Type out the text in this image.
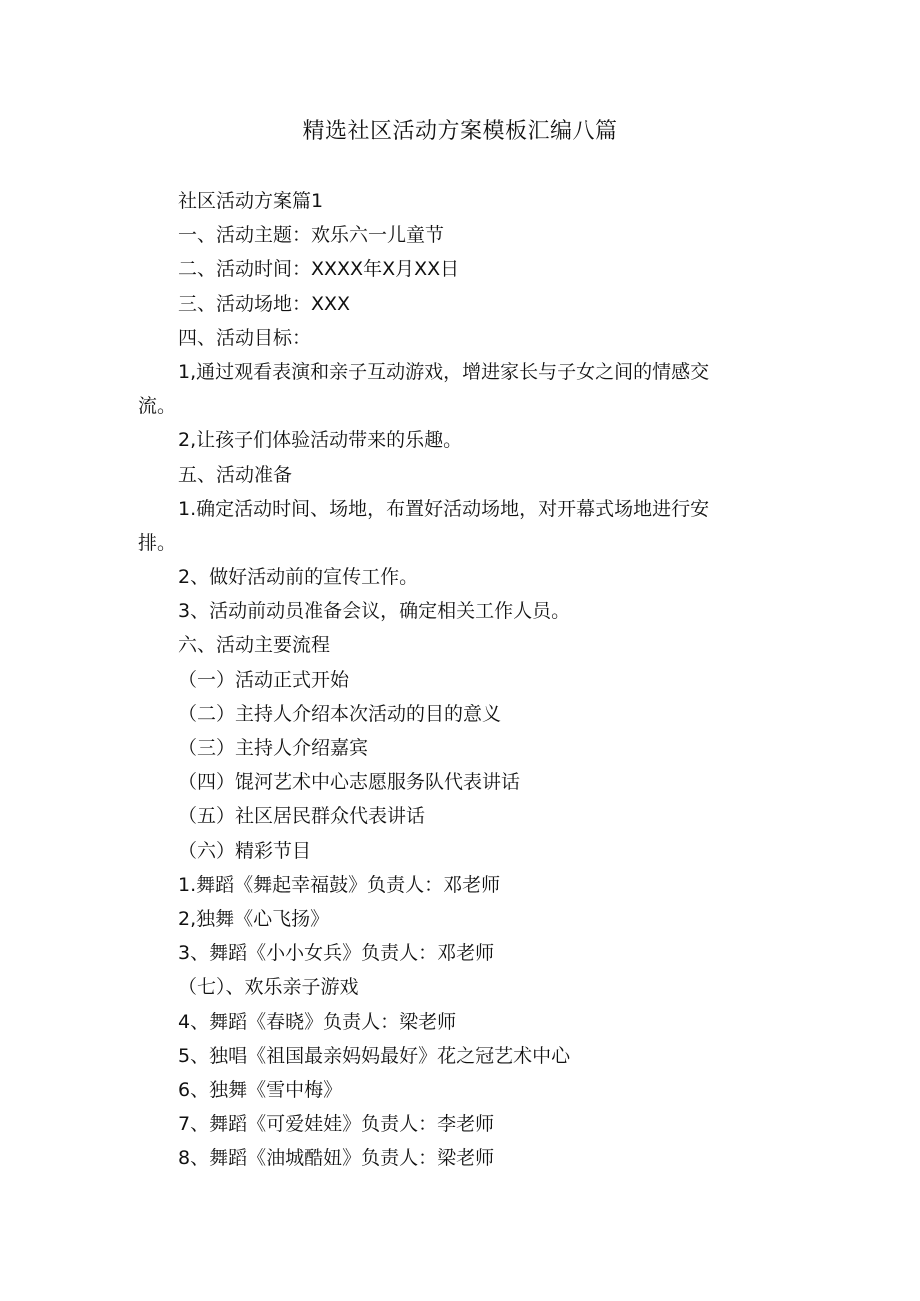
精选社区活动方案模板汇编八篇

社区活动方案篇1

一、活动主题：欢乐六一儿童节

二、活动时间：XXXX年X月XX日

三、活动场地：XXX

四、活动目标：

1,通过观看表演和亲子互动游戏，增进家长与子女之间的情感交

流。

2,让孩子们体验活动带来的乐趣。

五、活动准备

1.确定活动时间、场地，布置好活动场地，对开幕式场地进行安

排。

2、做好活动前的宣传工作。

3、活动前动员准备会议，确定相关工作人员。

六、活动主要流程

（一）活动正式开始

（二）主持人介绍本次活动的目的意义

（三）主持人介绍嘉宾

（四）馄河艺术中心志愿服务队代表讲话

（五）社区居民群众代表讲话

（六）精彩节目

1.舞蹈《舞起幸福鼓》负责人：邓老师

2,独舞《心飞扬》

3、舞蹈《小小女兵》负责人：邓老师

（七）、欢乐亲子游戏

4、舞蹈《春晓》负责人：梁老师

5、独唱《祖国最亲妈妈最好》花之冠艺术中心

6、独舞《雪中梅》

7、舞蹈《可爱娃娃》负责人：李老师

8、舞蹈《油城酷妞》负责人：梁老师
